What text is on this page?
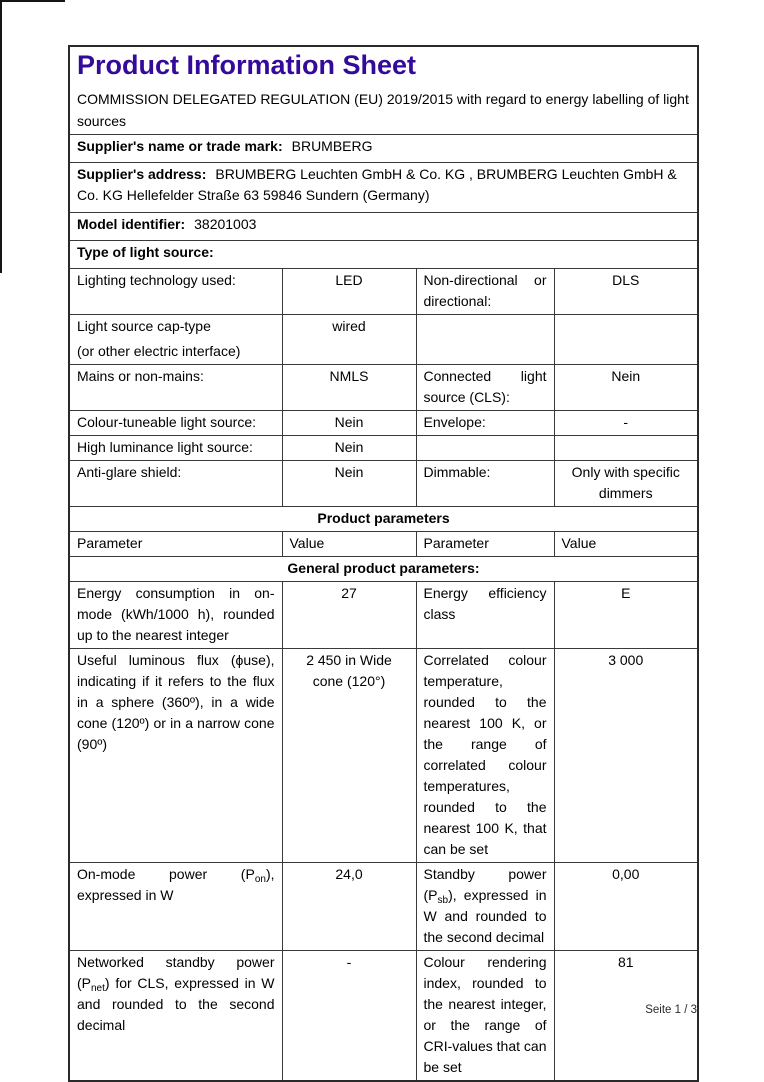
Product Information Sheet

COMMISSION DELEGATED REGULATION (EU) 2019/2015 with regard to energy labelling of light sources

Supplier's name or trade mark: BRUMBERG			
Supplier's address: BRUMBERG Leuchten GmbH & Co. KG , BRUMBERG Leuchten GmbH & Co. KG Hellefelder Straße 63 59846 Sundern (Germany)			
Model identifier: 38201003			
Type of light source:			
Lighting technology used:	LED	Non-directional or directional:	DLS

Light source cap-type
(or other electric interface)	wired		
Mains or non-mains:	NMLS	Connected light source (CLS):	Nein
Colour-tuneable light source:	Nein	Envelope:	-
High luminance light source:	Nein		
Anti-glare shield:	Nein	Dimmable:	Only with specific dimmers
Product parameters			
Parameter	Value	Parameter	Value
General product parameters:			
Energy consumption in on-mode (kWh/1000 h), rounded up to the nearest integer	27	Energy efficiency class	E
Useful luminous flux (ϕuse), indicating if it refers to the flux in a sphere (360º), in a wide cone (120º) or in a narrow cone (90º)	2 450 in Wide cone (120°)	Correlated colour temperature, rounded to the nearest 100 K, or the range of correlated colour temperatures, rounded to the nearest 100 K, that can be set	3 000
On-mode power $(P_{on})$, expressed in W	24,0	Standby power $(P_{sb})$, expressed in W and rounded to the second decimal	0,00
Networked standby power $(P_{net})$ for CLS, expressed in W and rounded to the second decimal	-	Colour rendering index, rounded to the nearest integer, or the range of CRI-values that can be set	81
Seite 1 / 3
